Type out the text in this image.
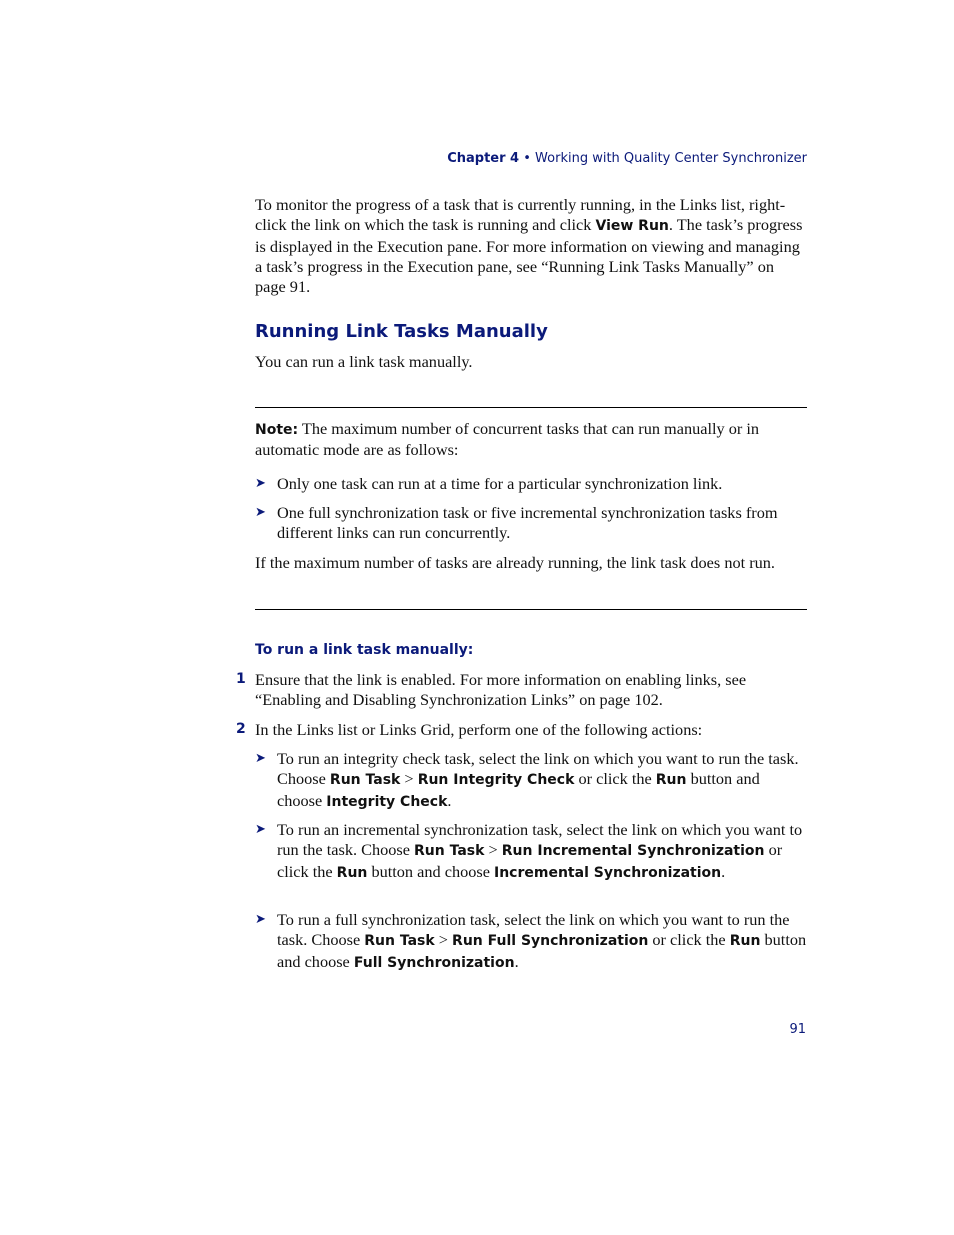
Chapter 4 • Working with Quality Center Synchronizer

To monitor the progress of a task that is currently running, in the Links list, right-click the link on which the task is running and click View Run. The task’s progress is displayed in the Execution pane. For more information on viewing and managing a task’s progress in the Execution pane, see “Running Link Tasks Manually” on page 91.

Running Link Tasks Manually

You can run a link task manually.

Note: The maximum number of concurrent tasks that can run manually or in automatic mode are as follows:

➤ Only one task can run at a time for a particular synchronization link.
➤ One full synchronization task or five incremental synchronization tasks from different links can run concurrently.

If the maximum number of tasks are already running, the link task does not run.

To run a link task manually:
1 Ensure that the link is enabled. For more information on enabling links, see “Enabling and Disabling Synchronization Links” on page 102.
2 In the Links list or Links Grid, perform one of the following actions:
➤ To run an integrity check task, select the link on which you want to run the task. Choose Run Task > Run Integrity Check or click the Run button and choose Integrity Check.
➤ To run an incremental synchronization task, select the link on which you want to run the task. Choose Run Task > Run Incremental Synchronization or click the Run button and choose Incremental Synchronization.
➤ To run a full synchronization task, select the link on which you want to run the task. Choose Run Task > Run Full Synchronization or click the Run button and choose Full Synchronization.
91
